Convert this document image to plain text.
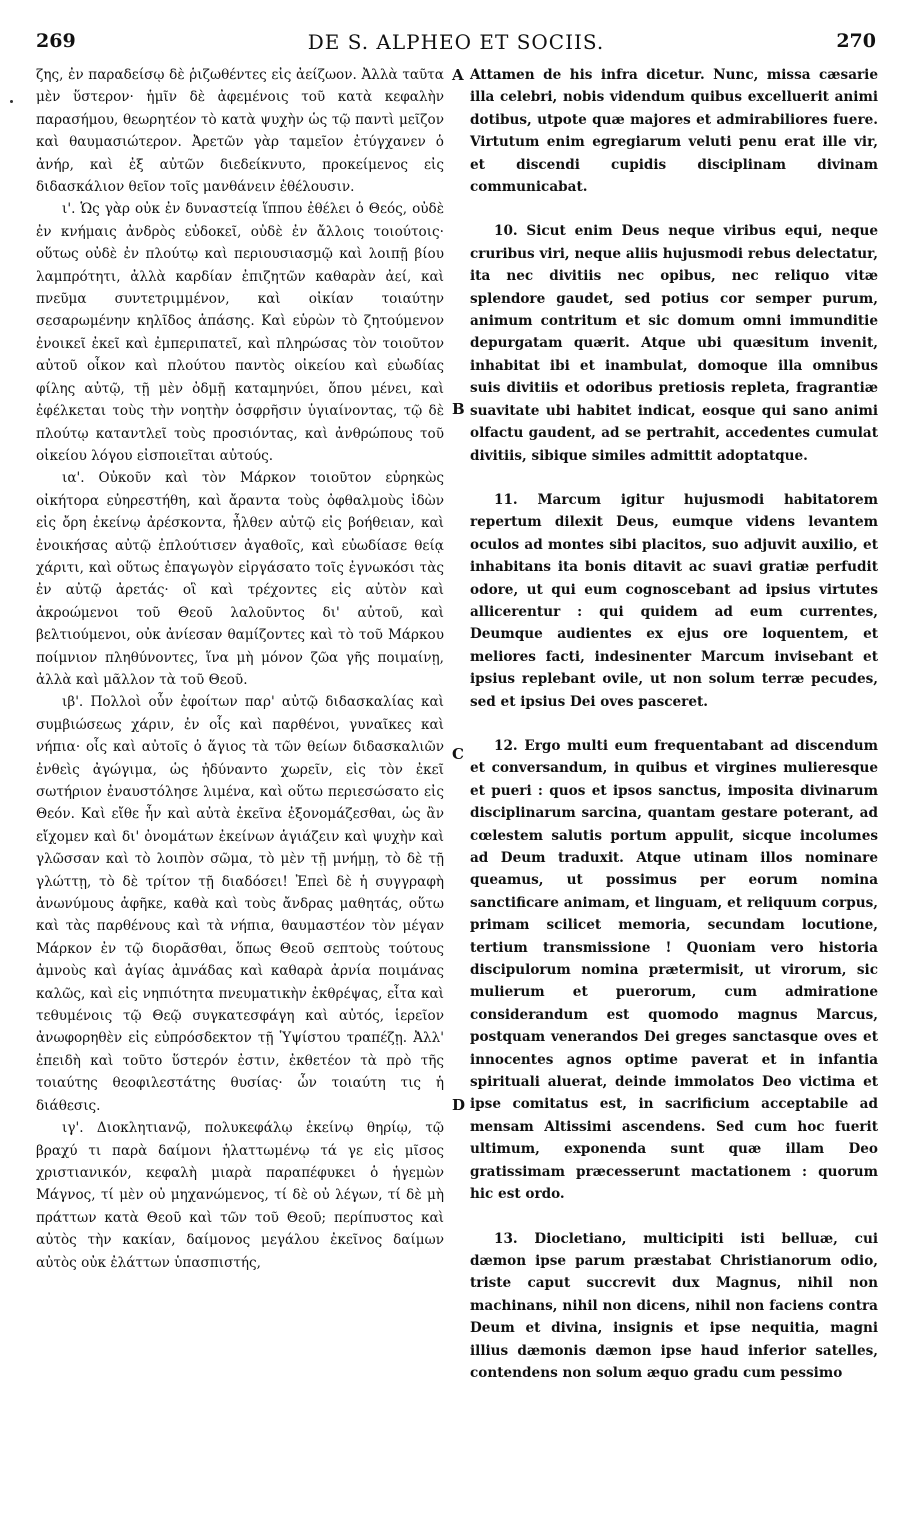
269	DE S. ALPHEO ET SOCIIS.	270

ζης, ἐν παραδείσῳ δὲ ῥιζωθέντες εἰς ἀείζωον. Ἀλλὰ ταῦτα μὲν ὕστερον· ἡμῖν δὲ ἀφεμένοις τοῦ κατὰ κεφαλὴν παρασήμου, θεωρητέον τὸ κατὰ ψυχὴν ὡς τῷ παντὶ μεῖζον καὶ θαυμασιώτερον. Ἀρετῶν γὰρ ταμεῖον ἐτύγχανεν ὁ ἀνήρ, καὶ ἐξ αὐτῶν διεδείκνυτο, προκείμενος εἰς διδασκάλιον θεῖον τοῖς μανθάνειν ἐθέλουσιν.

ι'. Ὡς γὰρ οὐκ ἐν δυναστείᾳ ἵππου ἐθέλει ὁ Θεός, οὐδὲ ἐν κνήμαις ἀνδρὸς εὐδοκεῖ, οὐδὲ ἐν ἄλλοις τοιούτοις· οὕτως οὐδὲ ἐν πλούτῳ καὶ περιουσιασμῷ καὶ λοιπῇ βίου λαμπρότητι, ἀλλὰ καρδίαν ἐπιζητῶν καθαρὰν ἀεί, καὶ πνεῦμα συντετριμμένον, καὶ οἰκίαν τοιαύτην σεσαρωμένην κηλῖδος ἁπάσης. Καὶ εὑρὼν τὸ ζητούμενον ἐνοικεῖ ἐκεῖ καὶ ἐμπεριπατεῖ, καὶ πληρώσας τὸν τοιοῦτον αὐτοῦ οἶκον καὶ πλούτου παντὸς οἰκείου καὶ εὐωδίας φίλης αὐτῷ, τῇ μὲν ὀδμῇ καταμηνύει, ὅπου μένει, καὶ ἐφέλκεται τοὺς τὴν νοητὴν ὀσφρῆσιν ὑγιαίνοντας, τῷ δὲ πλούτῳ καταντλεῖ τοὺς προσιόντας, καὶ ἀνθρώπους τοῦ οἰκείου λόγου εἰσποιεῖται αὐτούς.

ια'. Οὐκοῦν καὶ τὸν Μάρκον τοιοῦτον εὑρηκὼς οἰκήτορα εὐηρεστήθη, καὶ ἄραντα τοὺς ὀφθαλμοὺς ἰδὼν εἰς ὄρη ἐκείνῳ ἀρέσκοντα, ἦλθεν αὐτῷ εἰς βοήθειαν, καὶ ἐνοικήσας αὐτῷ ἐπλούτισεν ἀγαθοῖς, καὶ εὐωδίασε θείᾳ χάριτι, καὶ οὕτως ἐπαγωγὸν εἰργάσατο τοῖς ἐγνωκόσι τὰς ἐν αὐτῷ ἀρετάς· οἳ καὶ τρέχοντες εἰς αὐτὸν καὶ ἀκροώμενοι τοῦ Θεοῦ λαλοῦντος δι' αὐτοῦ, καὶ βελτιούμενοι, οὐκ ἀνίεσαν θαμίζοντες καὶ τὸ τοῦ Μάρκου ποίμνιον πληθύνοντες, ἵνα μὴ μόνον ζῶα γῆς ποιμαίνῃ, ἀλλὰ καὶ μᾶλλον τὰ τοῦ Θεοῦ.

ιβ'. Πολλοὶ οὖν ἐφοίτων παρ' αὐτῷ διδασκαλίας καὶ συμβιώσεως χάριν, ἐν οἷς καὶ παρθένοι, γυναῖκες καὶ νήπια· οἷς καὶ αὐτοῖς ὁ ἅγιος τὰ τῶν θείων διδασκαλιῶν ἐνθεὶς ἀγώγιμα, ὡς ἠδύναντο χωρεῖν, εἰς τὸν ἐκεῖ σωτήριον ἐναυστόλησε λιμένα, καὶ οὕτω περιεσώσατο εἰς Θεόν. Καὶ εἴθε ἦν καὶ αὐτὰ ἐκεῖνα ἐξονομάζεσθαι, ὡς ἂν εἴχομεν καὶ δι' ὀνομάτων ἐκείνων ἁγιάζειν καὶ ψυχὴν καὶ γλῶσσαν καὶ τὸ λοιπὸν σῶμα, τὸ μὲν τῇ μνήμῃ, τὸ δὲ τῇ γλώττῃ, τὸ δὲ τρίτον τῇ διαδόσει! Ἐπεὶ δὲ ἡ συγγραφὴ ἀνωνύμους ἀφῆκε, καθὰ καὶ τοὺς ἄνδρας μαθητάς, οὕτω καὶ τὰς παρθένους καὶ τὰ νήπια, θαυμαστέον τὸν μέγαν Μάρκον ἐν τῷ διορᾶσθαι, ὅπως Θεοῦ σεπτοὺς τούτους ἀμνοὺς καὶ ἁγίας ἀμνάδας καὶ καθαρὰ ἀρνία ποιμάνας καλῶς, καὶ εἰς νηπιότητα πνευματικὴν ἐκθρέψας, εἶτα καὶ τεθυμένοις τῷ Θεῷ συγκατεσφάγη καὶ αὐτός, ἱερεῖον ἀνωφορηθὲν εἰς εὐπρόσδεκτον τῇ Ὑψίστου τραπέζῃ. Ἀλλ' ἐπειδὴ καὶ τοῦτο ὕστερόν ἐστιν, ἐκθετέον τὰ πρὸ τῆς τοιαύτης θεοφιλεστάτης θυσίας· ὧν τοιαύτη τις ἡ διάθεσις.

ιγ'. Διοκλητιανῷ, πολυκεφάλῳ ἐκείνῳ θηρίῳ, τῷ βραχύ τι παρὰ δαίμονι ἡλαττωμένῳ τά γε εἰς μῖσος χριστιανικόν, κεφαλὴ μιαρὰ παραπέφυκει ὁ ἡγεμὼν Μάγνος, τί μὲν οὐ μηχανώμενος, τί δὲ οὐ λέγων, τί δὲ μὴ πράττων κατὰ Θεοῦ καὶ τῶν τοῦ Θεοῦ; περίπυστος καὶ αὐτὸς τὴν κακίαν, δαίμονος μεγάλου ἐκεῖνος δαίμων αὐτὸς οὐκ ἐλάττων ὑπασπιστής,

A
B
C
D

Attamen de his infra dicetur. Nunc, missa cæsarie illa celebri, nobis videndum quibus excelluerit animi dotibus, utpote quæ majores et admirabiliores fuere. Virtutum enim egregiarum veluti penu erat ille vir, et discendi cupidis disciplinam divinam communicabat.

10. Sicut enim Deus neque viribus equi, neque cruribus viri, neque aliis hujusmodi rebus delectatur, ita nec divitiis nec opibus, nec reliquo vitæ splendore gaudet, sed potius cor semper purum, animum contritum et sic domum omni immunditie depurgatam quærit. Atque ubi quæsitum invenit, inhabitat ibi et inambulat, domoque illa omnibus suis divitiis et odoribus pretiosis repleta, fragrantiæ suavitate ubi habitet indicat, eosque qui sano animi olfactu gaudent, ad se pertrahit, accedentes cumulat divitiis, sibique similes admittit adoptatque.

11. Marcum igitur hujusmodi habitatorem repertum dilexit Deus, eumque videns levantem oculos ad montes sibi placitos, suo adjuvit auxilio, et inhabitans ita bonis ditavit ac suavi gratiæ perfudit odore, ut qui eum cognoscebant ad ipsius virtutes allicerentur : qui quidem ad eum currentes, Deumque audientes ex ejus ore loquentem, et meliores facti, indesinenter Marcum invisebant et ipsius replebant ovile, ut non solum terræ pecudes, sed et ipsius Dei oves pasceret.

12. Ergo multi eum frequentabant ad discendum et conversandum, in quibus et virgines mulieresque et pueri : quos et ipsos sanctus, imposita divinarum disciplinarum sarcina, quantam gestare poterant, ad cœlestem salutis portum appulit, sicque incolumes ad Deum traduxit. Atque utinam illos nominare queamus, ut possimus per eorum nomina sanctificare animam, et linguam, et reliquum corpus, primam scilicet memoria, secundam locutione, tertium transmissione ! Quoniam vero historia discipulorum nomina prætermisit, ut virorum, sic mulierum et puerorum, cum admiratione considerandum est quomodo magnus Marcus, postquam venerandos Dei greges sanctasque oves et innocentes agnos optime paverat et in infantia spirituali aluerat, deinde immolatos Deo victima et ipse comitatus est, in sacrificium acceptabile ad mensam Altissimi ascendens. Sed cum hoc fuerit ultimum, exponenda sunt quæ illam Deo gratissimam præcesserunt mactationem : quorum hic est ordo.

13. Diocletiano, multicipiti isti belluæ, cui dæmon ipse parum præstabat Christianorum odio, triste caput succrevit dux Magnus, nihil non machinans, nihil non dicens, nihil non faciens contra Deum et divina, insignis et ipse nequitia, magni illius dæmonis dæmon ipse haud inferior satelles, contendens non solum æquo gradu cum pessimo
